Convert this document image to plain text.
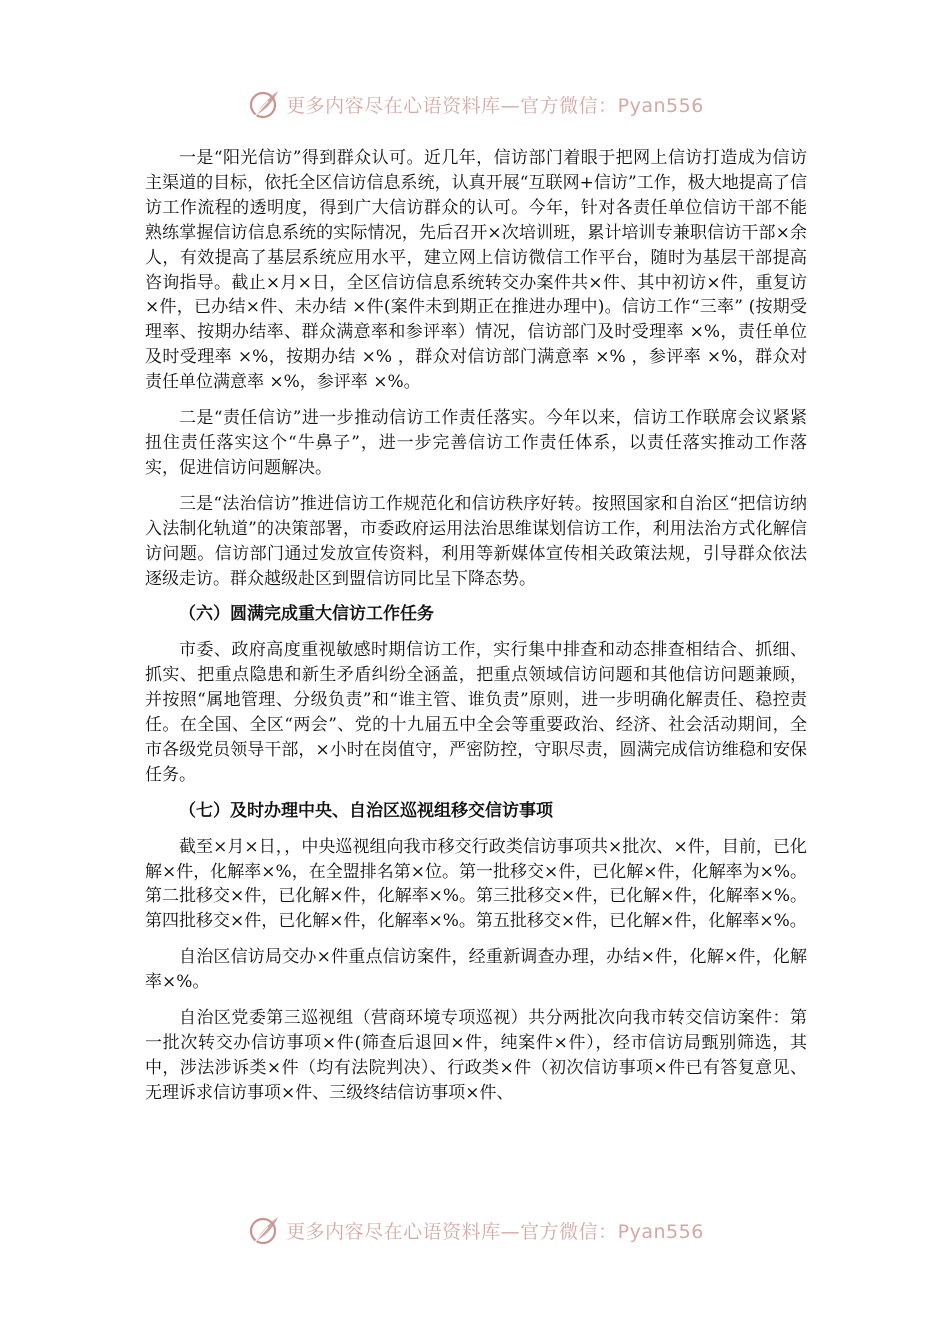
更多内容尽在心语资料库—官方微信：Pyan556

一是“阳光信访”得到群众认可。近几年，信访部门着眼于把网上信访打造成为信访主渠道的目标，依托全区信访信息系统，认真开展“互联网+信访”工作，极大地提高了信访工作流程的透明度，得到广大信访群众的认可。今年，针对各责任单位信访干部不能熟练掌握信访信息系统的实际情况，先后召开×次培训班，累计培训专兼职信访干部×余人，有效提高了基层系统应用水平，建立网上信访微信工作平台，随时为基层干部提高咨询指导。截止×月×日，全区信访信息系统转交办案件共×件、其中初访×件，重复访 ×件，已办结×件、未办结 ×件(案件未到期正在推进办理中)。信访工作“三率” (按期受理率、按期办结率、群众满意率和参评率）情况，信访部门及时受理率 ×%，责任单位及时受理率 ×%，按期办结 ×% ，群众对信访部门满意率 ×% ，参评率 ×%，群众对责任单位满意率 ×%，参评率 ×%。

二是“责任信访”进一步推动信访工作责任落实。今年以来，信访工作联席会议紧紧扭住责任落实这个“牛鼻子”，进一步完善信访工作责任体系，以责任落实推动工作落实，促进信访问题解决。

三是“法治信访”推进信访工作规范化和信访秩序好转。按照国家和自治区“把信访纳入法制化轨道”的决策部署，市委政府运用法治思维谋划信访工作，利用法治方式化解信访问题。信访部门通过发放宣传资料，利用等新媒体宣传相关政策法规，引导群众依法逐级走访。群众越级赴区到盟信访同比呈下降态势。

（六）圆满完成重大信访工作任务

市委、政府高度重视敏感时期信访工作，实行集中排查和动态排查相结合、抓细、抓实、把重点隐患和新生矛盾纠纷全涵盖，把重点领域信访问题和其他信访问题兼顾，并按照“属地管理、分级负责”和“谁主管、谁负责”原则，进一步明确化解责任、稳控责任。在全国、全区“两会”、党的十九届五中全会等重要政治、经济、社会活动期间，全市各级党员领导干部，×小时在岗值守，严密防控，守职尽责，圆满完成信访维稳和安保任务。

（七）及时办理中央、自治区巡视组移交信访事项

截至×月×日，，中央巡视组向我市移交行政类信访事项共×批次、×件，目前，已化解×件，化解率×%，在全盟排名第×位。第一批移交×件，已化解×件，化解率为×%。第二批移交×件，已化解×件，化解率×%。第三批移交×件，已化解×件，化解率×%。第四批移交×件，已化解×件，化解率×%。第五批移交×件，已化解×件，化解率×%。

自治区信访局交办×件重点信访案件，经重新调查办理，办结×件，化解×件，化解率×%。

自治区党委第三巡视组（营商环境专项巡视）共分两批次向我市转交信访案件：第一批次转交办信访事项×件(筛查后退回×件，纯案件×件），经市信访局甄别筛选，其中，涉法涉诉类×件（均有法院判决）、行政类×件（初次信访事项×件已有答复意见、无理诉求信访事项×件、三级终结信访事项×件、

更多内容尽在心语资料库—官方微信：Pyan556
